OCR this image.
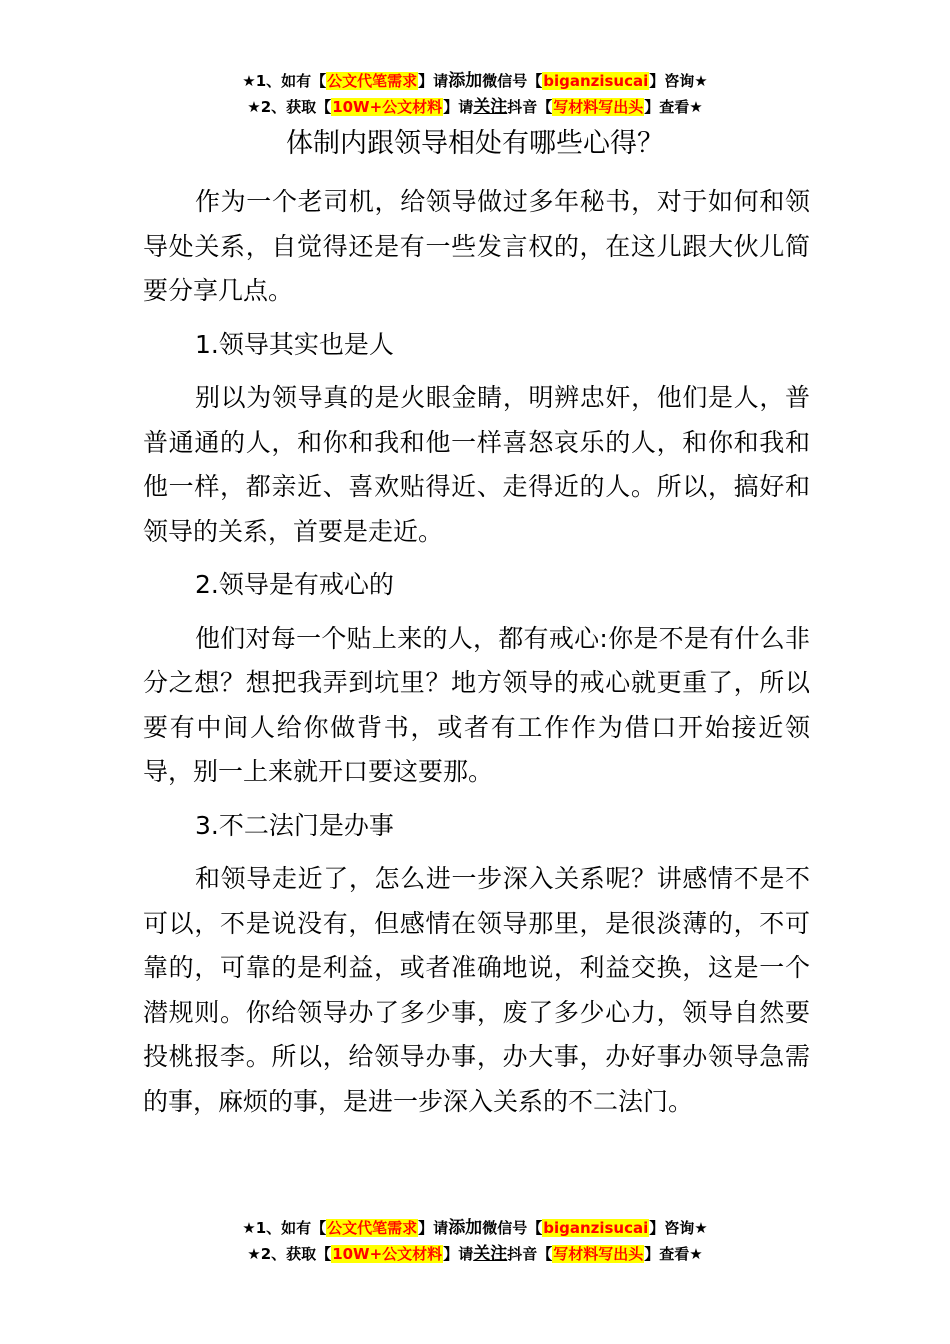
★1、如有【公文代笔需求】请添加微信号【biganzisucai】咨询★
★2、获取【10W+公文材料】请关注抖音【写材料写出头】查看★
体制内跟领导相处有哪些心得？

作为一个老司机，给领导做过多年秘书，对于如何和领导处关系，自觉得还是有一些发言权的，在这儿跟大伙儿简要分享几点。

1.领导其实也是人

别以为领导真的是火眼金睛，明辨忠奸，他们是人，普普通通的人，和你和我和他一样喜怒哀乐的人，和你和我和他一样，都亲近、喜欢贴得近、走得近的人。所以，搞好和领导的关系，首要是走近。

2.领导是有戒心的

他们对每一个贴上来的人，都有戒心:你是不是有什么非分之想？想把我弄到坑里？地方领导的戒心就更重了，所以要有中间人给你做背书，或者有工作作为借口开始接近领导，别一上来就开口要这要那。

3.不二法门是办事

和领导走近了，怎么进一步深入关系呢？讲感情不是不可以，不是说没有，但感情在领导那里，是很淡薄的，不可靠的，可靠的是利益，或者准确地说，利益交换，这是一个潜规则。你给领导办了多少事，废了多少心力，领导自然要投桃报李。所以，给领导办事，办大事，办好事办领导急需的事，麻烦的事，是进一步深入关系的不二法门。

★1、如有【公文代笔需求】请添加微信号【biganzisucai】咨询★
★2、获取【10W+公文材料】请关注抖音【写材料写出头】查看★
